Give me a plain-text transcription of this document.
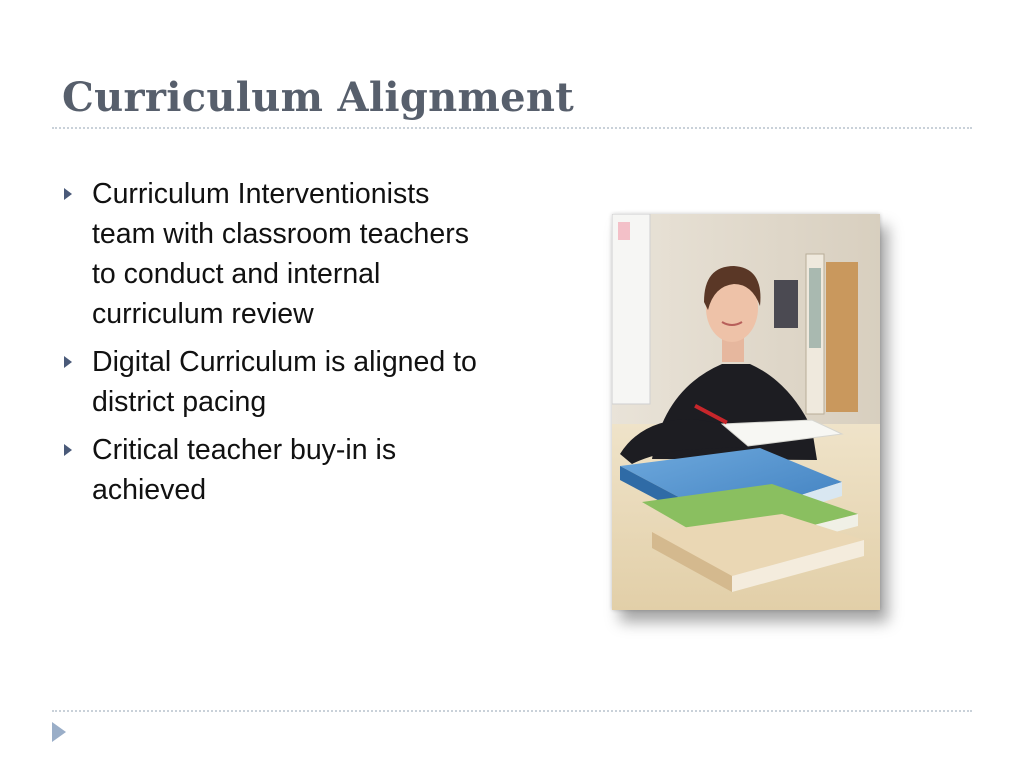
Curriculum Alignment
Curriculum Interventionists team with classroom teachers to conduct and internal curriculum review
Digital Curriculum is aligned to district pacing
Critical teacher buy-in is achieved
